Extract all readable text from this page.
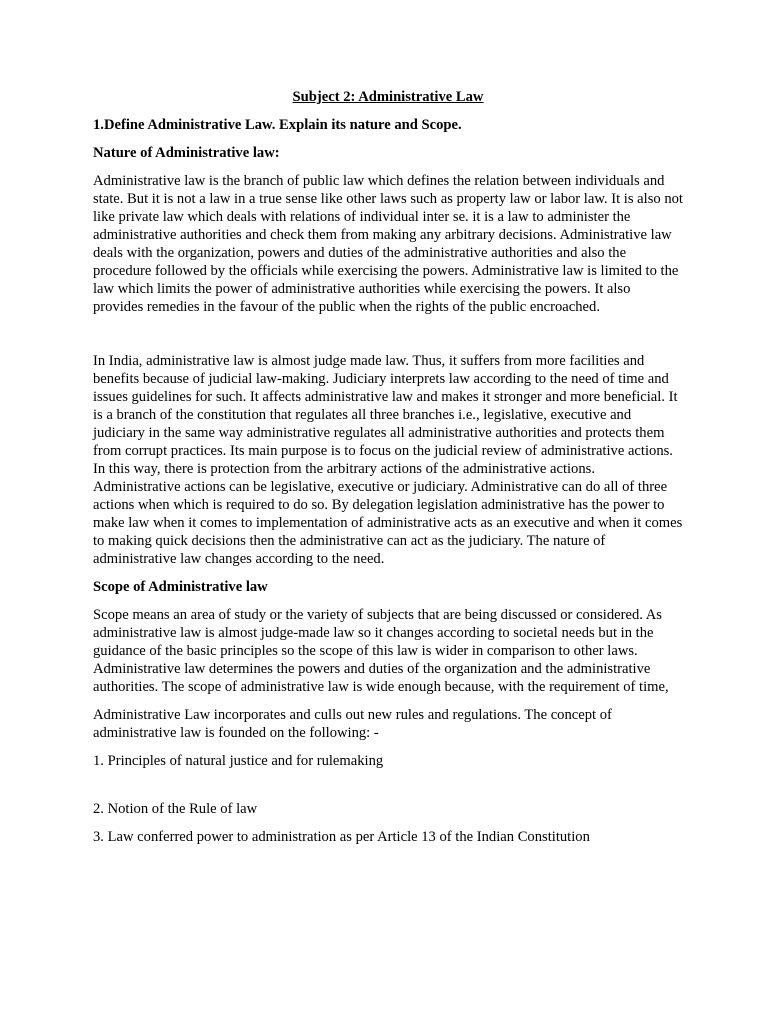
Subject 2: Administrative Law
1.Define Administrative Law. Explain its nature and Scope.
Nature of Administrative law:

Administrative law is the branch of public law which defines the relation between individuals and state. But it is not a law in a true sense like other laws such as property law or labor law. It is also not like private law which deals with relations of individual inter se. it is a law to administer the administrative authorities and check them from making any arbitrary decisions. Administrative law deals with the organization, powers and duties of the administrative authorities and also the procedure followed by the officials while exercising the powers. Administrative law is limited to the law which limits the power of administrative authorities while exercising the powers. It also provides remedies in the favour of the public when the rights of the public encroached.

In India, administrative law is almost judge made law. Thus, it suffers from more facilities and benefits because of judicial law-making. Judiciary interprets law according to the need of time and issues guidelines for such. It affects administrative law and makes it stronger and more beneficial. It is a branch of the constitution that regulates all three branches i.e., legislative, executive and judiciary in the same way administrative regulates all administrative authorities and protects them from corrupt practices. Its main purpose is to focus on the judicial review of administrative actions. In this way, there is protection from the arbitrary actions of the administrative actions. Administrative actions can be legislative, executive or judiciary. Administrative can do all of three actions when which is required to do so. By delegation legislation administrative has the power to make law when it comes to implementation of administrative acts as an executive and when it comes to making quick decisions then the administrative can act as the judiciary. The nature of administrative law changes according to the need.

Scope of Administrative law

Scope means an area of study or the variety of subjects that are being discussed or considered. As administrative law is almost judge-made law so it changes according to societal needs but in the guidance of the basic principles so the scope of this law is wider in comparison to other laws. Administrative law determines the powers and duties of the organization and the administrative authorities. The scope of administrative law is wide enough because, with the requirement of time,

Administrative Law incorporates and culls out new rules and regulations. The concept of administrative law is founded on the following: -

1. Principles of natural justice and for rulemaking
2. Notion of the Rule of law
3. Law conferred power to administration as per Article 13 of the Indian Constitution
